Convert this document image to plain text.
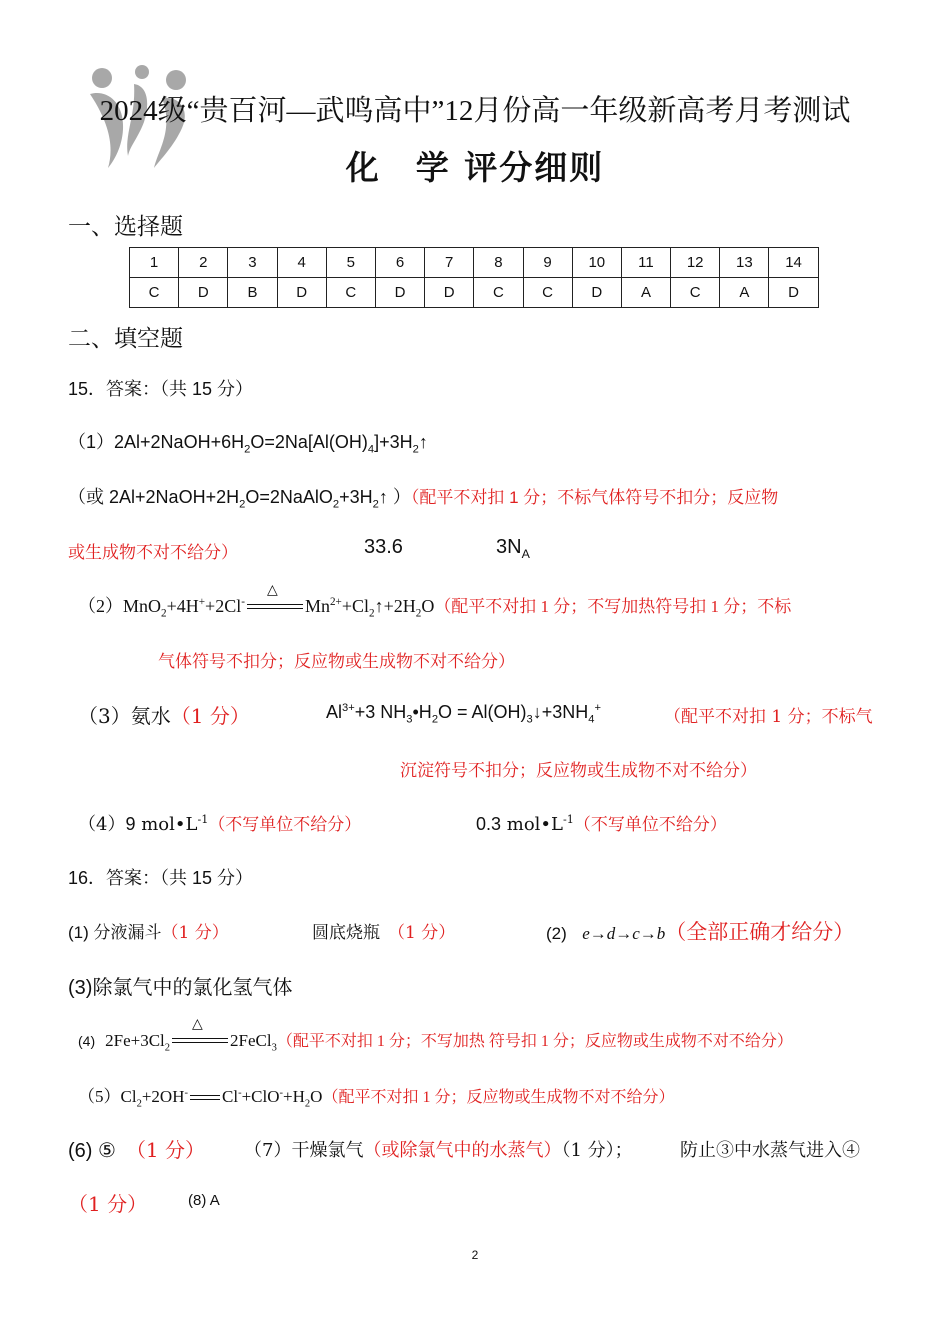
2024级“贵百河—武鸣高中”12月份高一年级新高考月考测试
化　学 评分细则
一、选择题
1	2	3	4	5	6	7	8	9	10	11	12	13	14
C	D	B	D	C	D	D	C	C	D	A	C	A	D
二、填空题
15．答案：（共 15 分）
$(1)2Al+2NaOH+6H_2O=2Na[Al(OH)_4]+3H_2↑$
（或 $2Al+2NaOH+2H_2O=2NaAlO_2+3H_2↑$ ）（配平不对扣 1 分；不标气体符号不扣分；反应物
或生成物不对不给分）	33.6	$3N_A$
（2）MnO$_2$+4H++2Cl-
△
$Mn^{2+}+Cl_2↑+2H_2O$（配平不对扣 1 分；不写加热符号扣 1 分；不标
气体符号不扣分；反应物或生成物不对不给分）
（3）氨水（1 分）	$Al^{3+}+3$ $NH_3•H_2O$ = $Al(OH)_3↓+3NH_4^+$	（配平不对扣 1 分；不标气
沉淀符号不扣分；反应物或生成物不对不给分）
（4）9 $mol•L^{-1}$（不写单位不给分）	0.3 $mol•L^{-1}$（不写单位不给分）
16．答案：（共 15 分）
(1) 分液漏斗（1 分）	圆底烧瓶 （1 分）	(2) e→d→c→b（全部正确才给分）
(3)除氯气中的氯化氢气体
(4) $2Fe+3Cl_2$
△
2FeCl$_3$（配平不对扣 1 分；不写加热 符号扣 1 分；反应物或生成物不对不给分）
$(5)Cl_2+2OH^-$ $Cl^-+ClO^-+H_2O$（配平不对扣 1 分；反应物或生成物不对不给分）
(6) ⑤ （1 分） （7）干燥氯气（或除氯气中的水蒸气）（1 分）；	防止③中水蒸气进入④
（1 分）	(8) A
2
